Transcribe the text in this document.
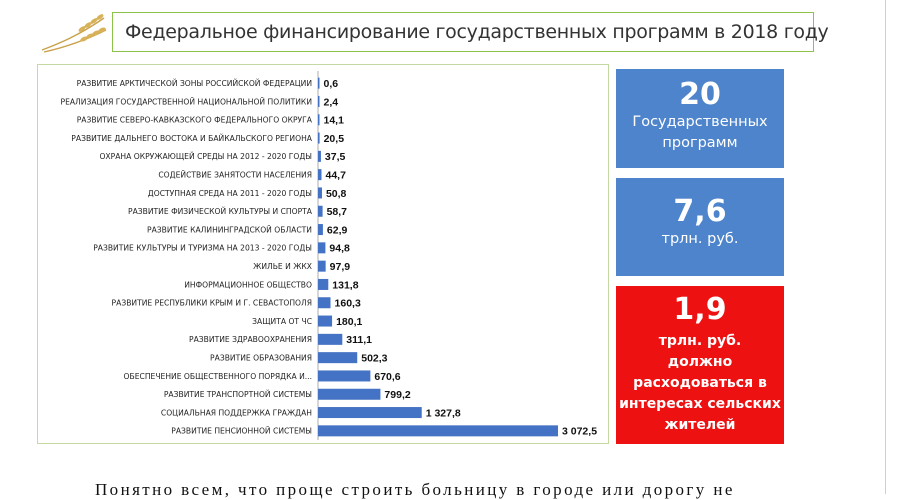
Федеральное финансирование государственных программ в 2018 году
РАЗВИТИЕ АРКТИЧЕСКОЙ ЗОНЫ РОССИЙСКОЙ ФЕДЕРАЦИИ 0,6
РЕАЛИЗАЦИЯ ГОСУДАРСТВЕННОЙ НАЦИОНАЛЬНОЙ ПОЛИТИКИ 2,4
РАЗВИТИЕ СЕВЕРО-КАВКАЗСКОГО ФЕДЕРАЛЬНОГО ОКРУГА 14,1
РАЗВИТИЕ ДАЛЬНЕГО ВОСТОКА И БАЙКАЛЬСКОГО РЕГИОНА 20,5
ОХРАНА ОКРУЖАЮЩЕЙ СРЕДЫ НА 2012 - 2020 ГОДЫ 37,5
СОДЕЙСТВИЕ ЗАНЯТОСТИ НАСЕЛЕНИЯ 44,7
ДОСТУПНАЯ СРЕДА НА 2011 - 2020 ГОДЫ 50,8
РАЗВИТИЕ ФИЗИЧЕСКОЙ КУЛЬТУРЫ И СПОРТА 58,7
РАЗВИТИЕ КАЛИНИНГРАДСКОЙ ОБЛАСТИ 62,9
РАЗВИТИЕ КУЛЬТУРЫ И ТУРИЗМА НА 2013 - 2020 ГОДЫ 94,8
ЖИЛЬЕ И ЖКХ 97,9
ИНФОРМАЦИОННОЕ ОБЩЕСТВО 131,8
РАЗВИТИЕ РЕСПУБЛИКИ КРЫМ И Г. СЕВАСТОПОЛЯ 160,3
ЗАЩИТА ОТ ЧС 180,1
РАЗВИТИЕ ЗДРАВООХРАНЕНИЯ	311,1
РАЗВИТИЕ ОБРАЗОВАНИЯ	502,3
ОБЕСПЕЧЕНИЕ ОБЩЕСТВЕННОГО ПОРЯДКА И...	670,6
РАЗВИТИЕ ТРАНСПОРТНОЙ СИСТЕМЫ	799,2
СОЦИАЛЬНАЯ ПОДДЕРЖКА ГРАЖДАН	1 327,8
РАЗВИТИЕ ПЕНСИОННОЙ СИСТЕМЫ	3 072,5
20
Государственных
программ
7,6
трлн. руб.
1,9
трлн. руб.
должно
расходоваться в
интересах сельских
жителей
Понятно всем, что проще строить больницу в городе или дорогу не
